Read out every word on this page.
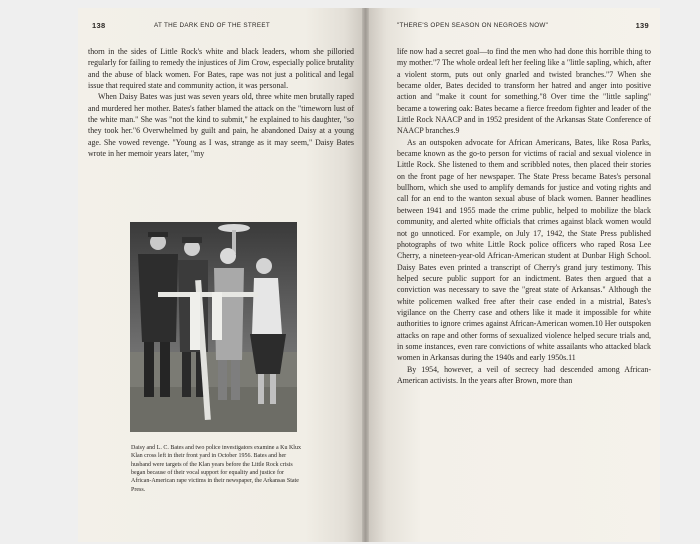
138	AT THE DARK END OF THE STREET

thorn in the sides of Little Rock's white and black leaders, whom she pilloried regularly for failing to remedy the injustices of Jim Crow, especially police brutality and the abuse of black women. For Bates, rape was not just a political and legal issue that required state and community action, it was personal.

When Daisy Bates was just was seven years old, three white men brutally raped and murdered her mother. Bates's father blamed the attack on the "timeworn lust of the white man." She was "not the kind to submit," he explained to his daughter, "so they took her."6 Overwhelmed by guilt and pain, he abandoned Daisy at a young age. She vowed revenge. "Young as I was, strange as it may seem," Daisy Bates wrote in her memoir years later, "my

Daisy and L. C. Bates and two police investigators examine a Ku Klux Klan cross left in their front yard in October 1956. Bates and her husband were targets of the Klan years before the Little Rock crisis began because of their vocal support for equality and justice for African-American rape victims in their newspaper, the Arkansas State Press.
"THERE'S OPEN SEASON ON NEGROES NOW"	139

life now had a secret goal—to find the men who had done this horrible thing to my mother."7 The whole ordeal left her feeling like a "little sapling, which, after a violent storm, puts out only gnarled and twisted branches."7 When she became older, Bates decided to transform her hatred and anger into positive action and "make it count for something."8 Over time the "little sapling" became a towering oak: Bates became a fierce freedom fighter and leader of the Little Rock NAACP and in 1952 president of the Arkansas State Conference of NAACP branches.9

As an outspoken advocate for African Americans, Bates, like Rosa Parks, became known as the go-to person for victims of racial and sexual violence in Little Rock. She listened to them and scribbled notes, then placed their stories on the front page of her newspaper. The State Press became Bates's personal bullhorn, which she used to amplify demands for justice and voting rights and call for an end to the wanton sexual abuse of black women. Banner headlines between 1941 and 1955 made the crime public, helped to mobilize the black community, and alerted white officials that crimes against black women would not go unnoticed. For example, on July 17, 1942, the State Press published photographs of two white Little Rock police officers who raped Rosa Lee Cherry, a nineteen-year-old African-American student at Dunbar High School. Daisy Bates even printed a transcript of Cherry's grand jury testimony. This helped secure public support for an indictment. Bates then argued that a conviction was necessary to save the "great state of Arkansas." Although the white policemen walked free after their case ended in a mistrial, Bates's vigilance on the Cherry case and others like it made it impossible for white authorities to ignore crimes against African-American women.10 Her outspoken attacks on rape and other forms of sexualized violence helped secure trials and, in some instances, even rare convictions of white assailants who attacked black women in Arkansas during the 1940s and early 1950s.11

By 1954, however, a veil of secrecy had descended among African-American activists. In the years after Brown, more than
